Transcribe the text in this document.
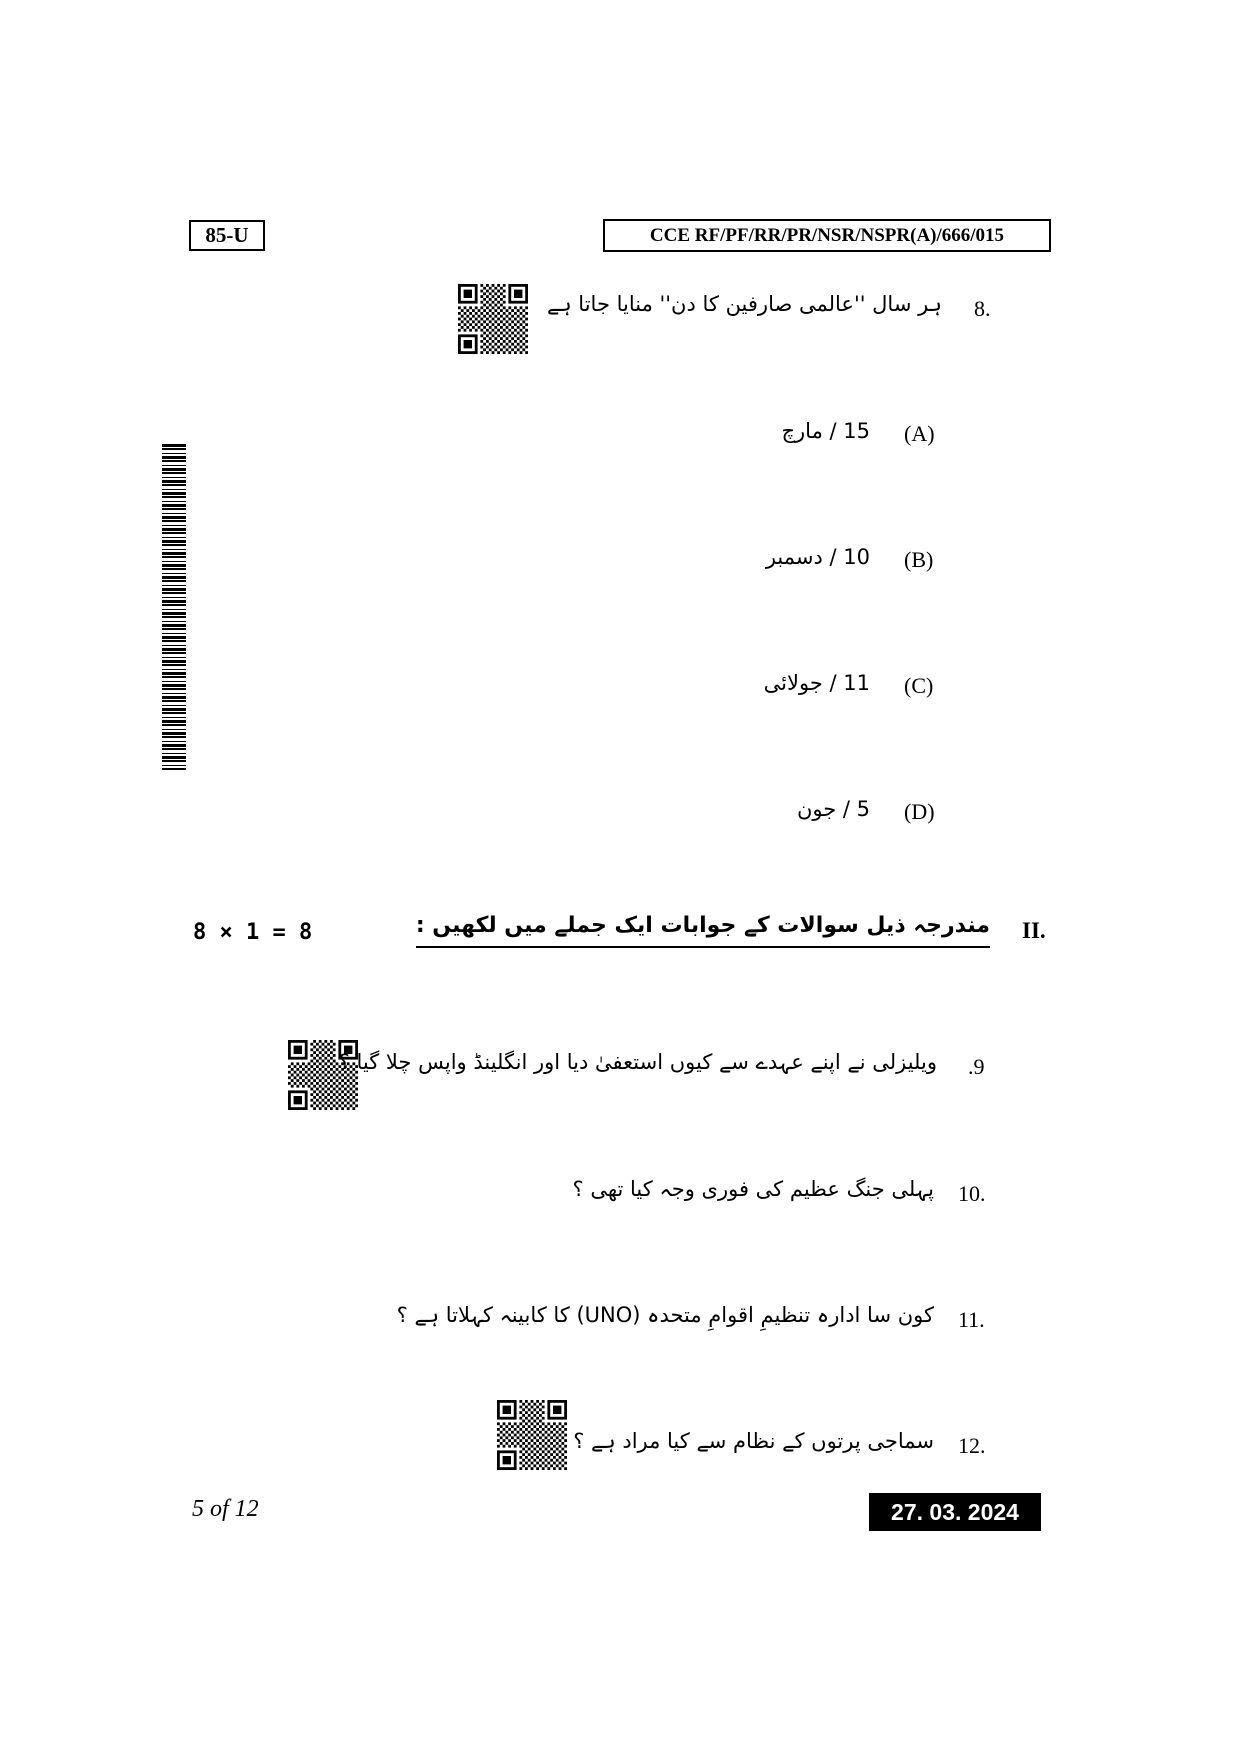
85-U	CCE RF/PF/RR/PR/NSR/NSPR(A)/666/015
8.
ہر سال ''عالمی صارفین کا دن'' منایا جاتا ہے
(A)
15 / مارچ
(B)
10 / دسمبر
(C)
11 / جولائی
(D)
5 / جون
8 × 1 = 8	II.
مندرجہ ذیل سوالات کے جوابات ایک جملے میں لکھیں :
.9
ویلیزلی نے اپنے عہدے سے کیوں استعفیٰ دیا اور انگلینڈ واپس چلا گیا ؟
10.
پہلی جنگ عظیم کی فوری وجہ کیا تھی ؟
11.
کون سا ادارہ تنظیمِ اقوامِ متحدہ (UNO) کا کابینہ کہلاتا ہے ؟
12.
سماجی پرتوں کے نظام سے کیا مراد ہے ؟
5 of 12	27. 03. 2024
